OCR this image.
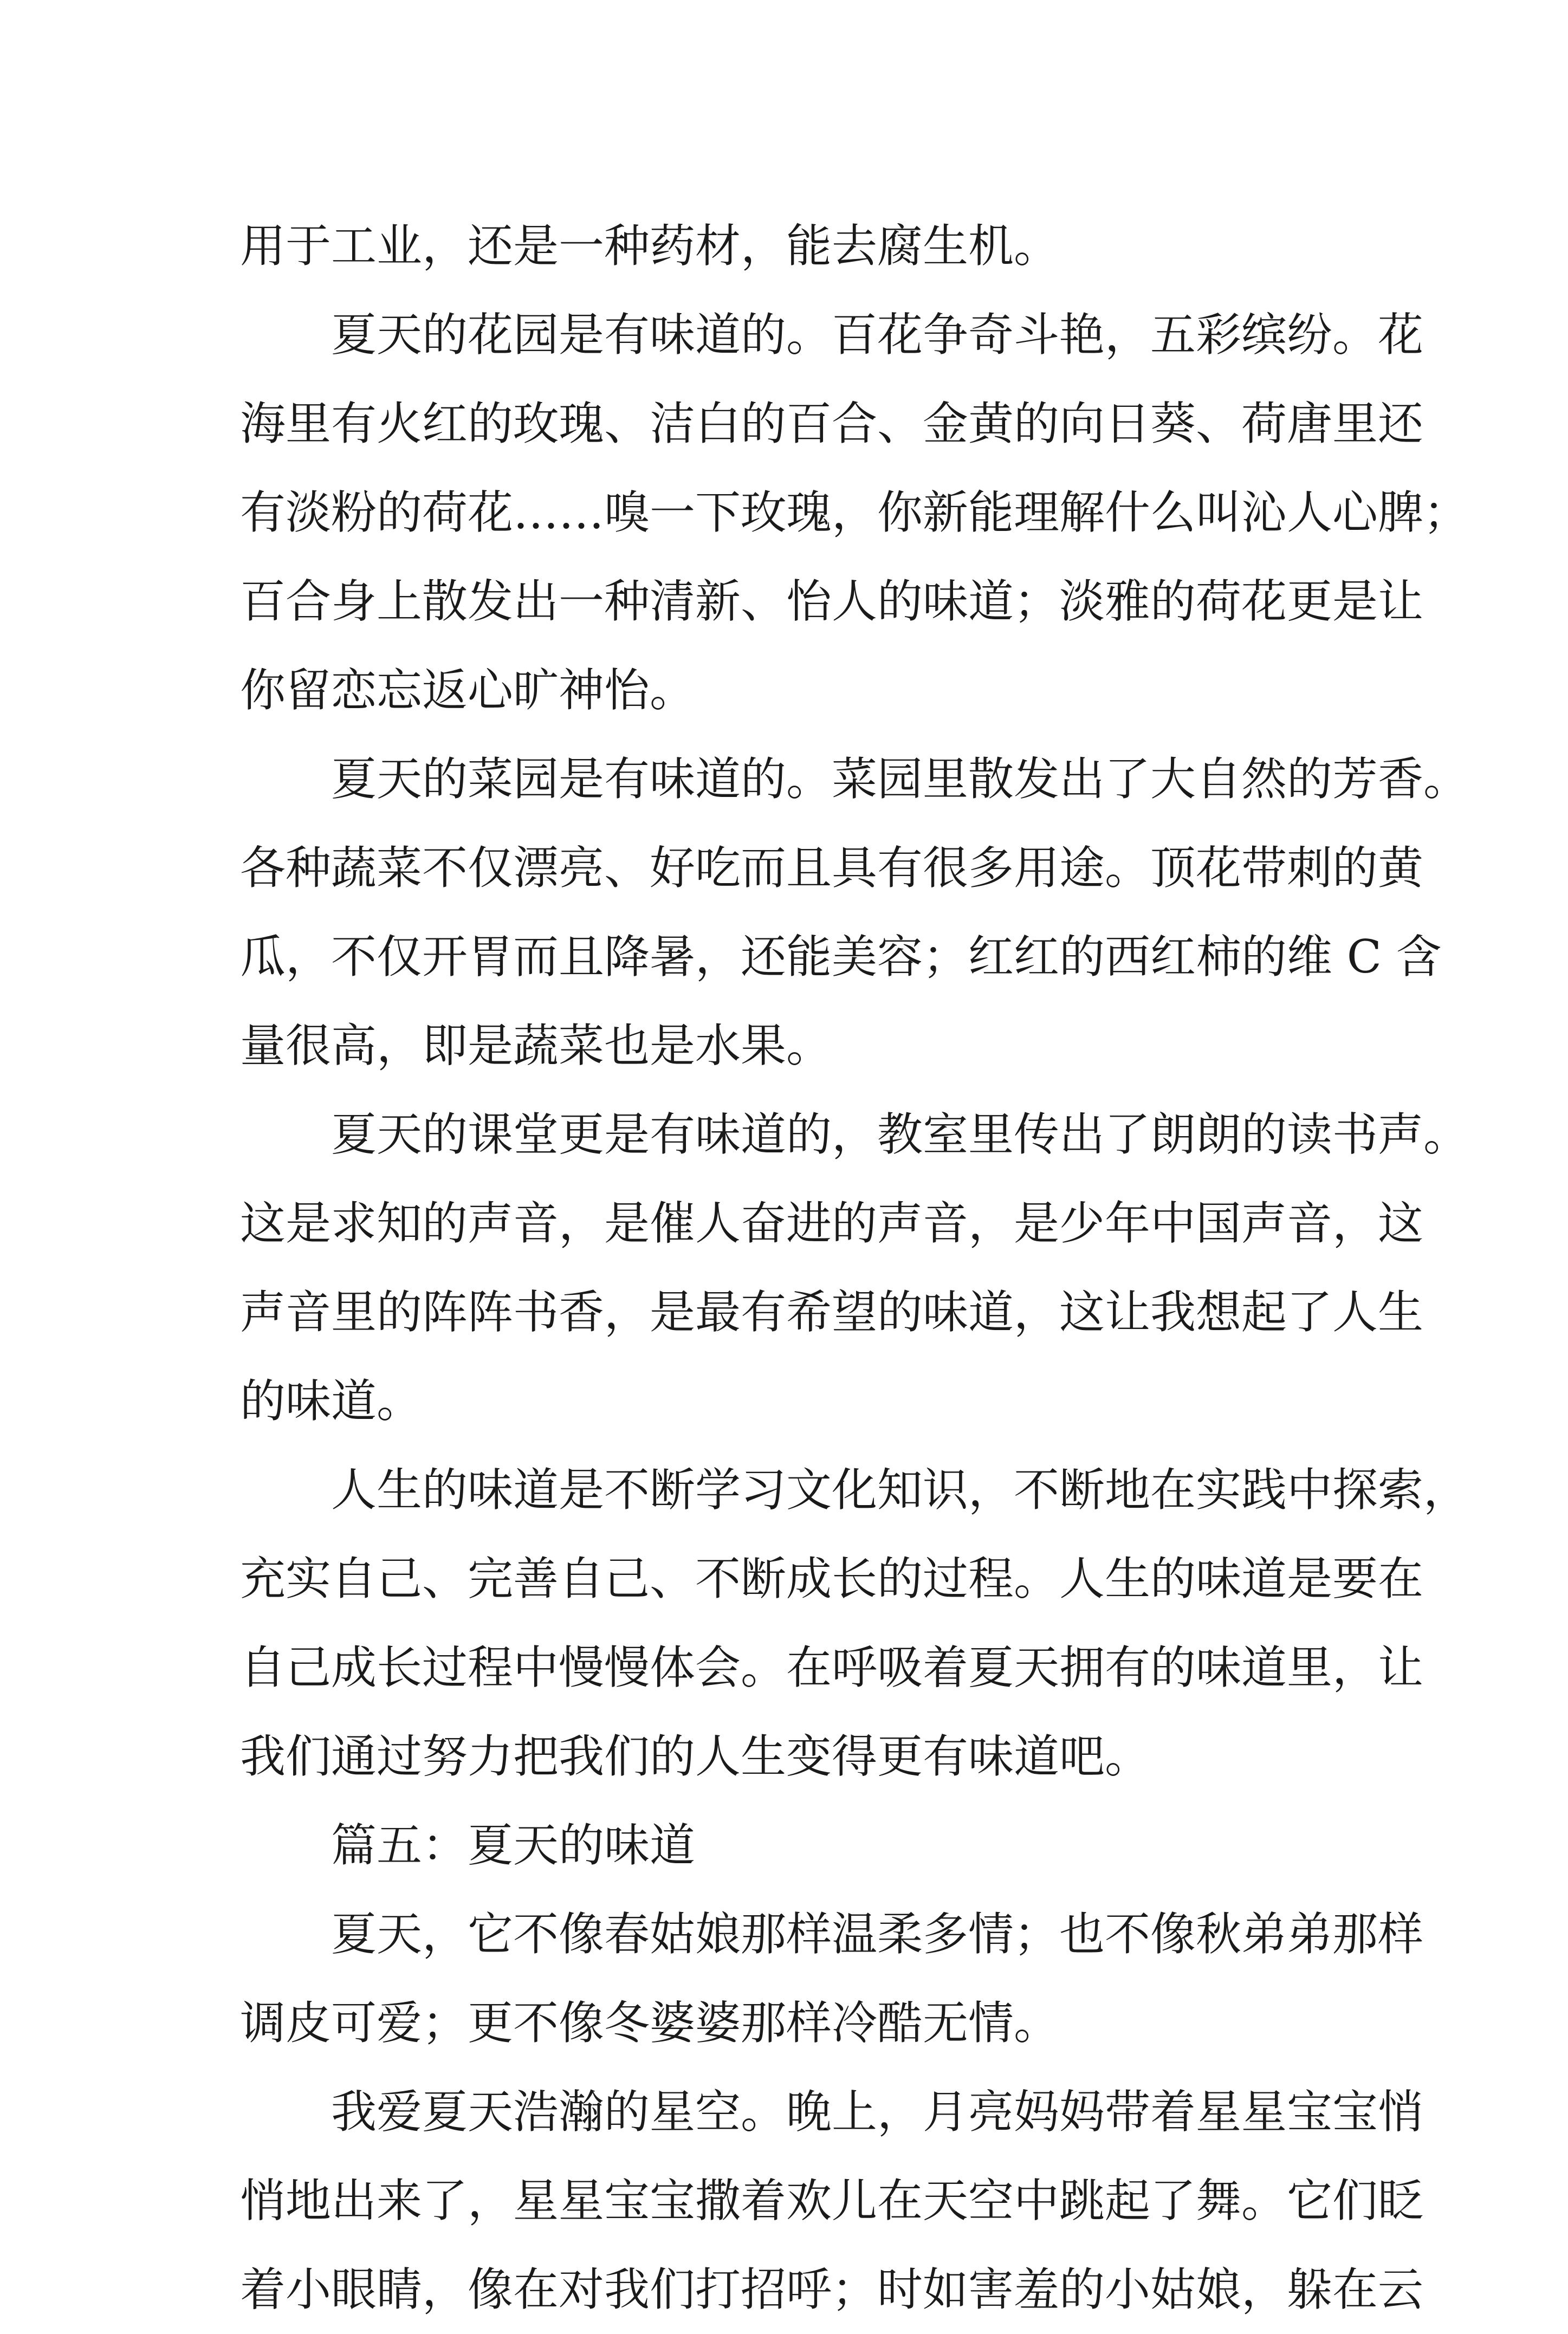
用于工业，还是一种药材，能去腐生机。
夏天的花园是有味道的。百花争奇斗艳，五彩缤纷。花
海里有火红的玫瑰、洁白的百合、金黄的向日葵、荷唐里还
有淡粉的荷花……嗅一下玫瑰，你新能理解什么叫沁人心脾；
百合身上散发出一种清新、怡人的味道；淡雅的荷花更是让
你留恋忘返心旷神怡。
夏天的菜园是有味道的。菜园里散发出了大自然的芳香。
各种蔬菜不仅漂亮、好吃而且具有很多用途。顶花带刺的黄
瓜，不仅开胃而且降暑，还能美容；红红的西红柿的维 C 含
量很高，即是蔬菜也是水果。
夏天的课堂更是有味道的，教室里传出了朗朗的读书声。
这是求知的声音，是催人奋进的声音，是少年中国声音，这
声音里的阵阵书香，是最有希望的味道，这让我想起了人生
的味道。
人生的味道是不断学习文化知识，不断地在实践中探索，
充实自己、完善自己、不断成长的过程。人生的味道是要在
自己成长过程中慢慢体会。在呼吸着夏天拥有的味道里，让
我们通过努力把我们的人生变得更有味道吧。
篇五：夏天的味道
夏天，它不像春姑娘那样温柔多情；也不像秋弟弟那样
调皮可爱；更不像冬婆婆那样冷酷无情。
我爱夏天浩瀚的星空。晚上，月亮妈妈带着星星宝宝悄
悄地出来了，星星宝宝撒着欢儿在天空中跳起了舞。它们眨
着小眼睛，像在对我们打招呼；时如害羞的小姑娘，躲在云
